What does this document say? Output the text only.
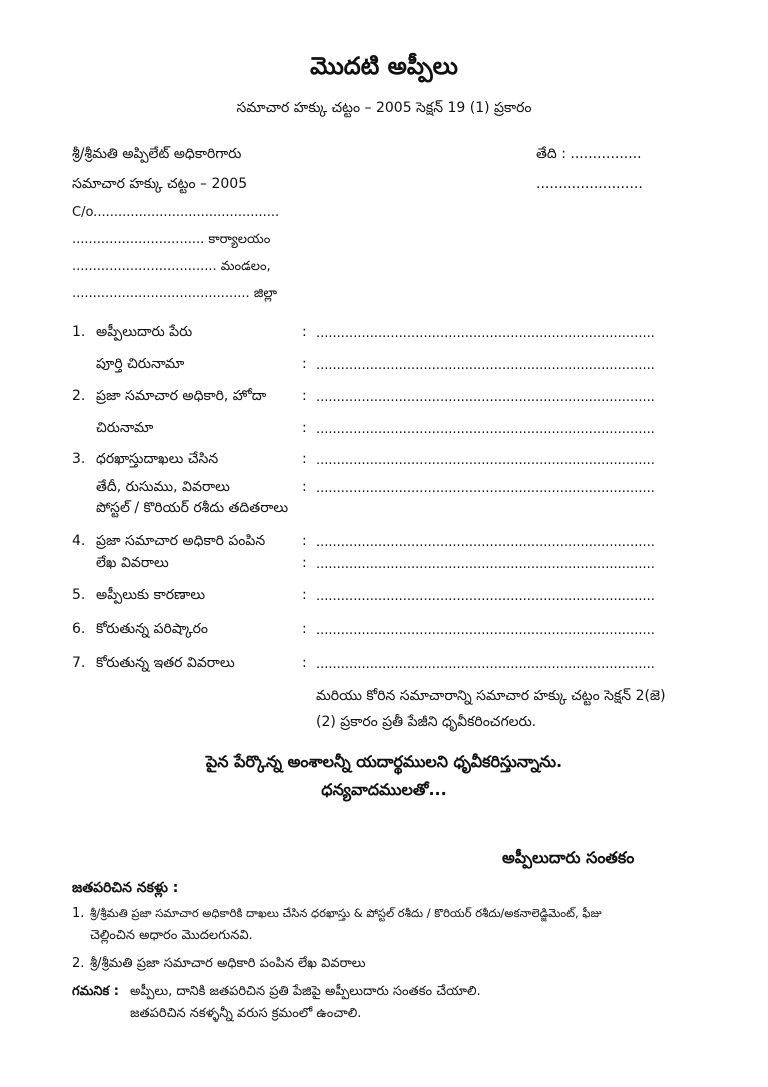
మొదటి అప్పీలు
సమాచార హక్కు చట్టం – 2005 సెక్షన్ 19 (1) ప్రకారం
శ్రీ/శ్రీమతి అప్పిలేట్ అధికారిగారు	తేది : ................
సమాచార హక్కు చట్టం – 2005	........................
C/o.............................................
................................ కార్యాలయం
................................... మండలం,
........................................... జిల్లా
1. అప్పీలుదారు పేరు	: ..................................................................................
పూర్తి చిరునామా	: ..................................................................................
2. ప్రజా సమాచార అధికారి, హోదా	: ..................................................................................
చిరునామా	: ..................................................................................
3. ధరఖాస్తుదాఖలు చేసిన	: ..................................................................................
తేదీ, రుసుము, వివరాలు	: ..................................................................................
పోస్టల్ / కొరియర్ రశీదు తదితరాలు
4. ప్రజా సమాచార అధికారి పంపిన	: ..................................................................................
లేఖ వివరాలు	: ..................................................................................
5. అప్పీలుకు కారణాలు	: ..................................................................................
6. కోరుతున్న పరిష్కారం	: ..................................................................................
7. కోరుతున్న ఇతర వివరాలు	: ..................................................................................
మరియు కోరిన సమాచారాన్ని సమాచార హక్కు చట్టం సెక్షన్ 2(జె)
(2) ప్రకారం ప్రతీ పేజీని ధృవీకరించగలరు.
పైన పేర్కొన్న అంశాలన్నీ యదార్థములని ధృవీకరిస్తున్నాను.
ధన్యవాదములతో...
అప్పీలుదారు సంతకం
జతపరిచిన నకళ్లు :
1. శ్రీ/శ్రీమతి ప్రజా సమాచార అధికారికి దాఖలు చేసిన ధరఖాస్తు & పోస్టల్ రశీదు / కొరియర్ రశీదు/అకనాలెడ్జిమెంట్, ఫీజు
చెల్లించిన అధారం మొదలగునవి.
2. శ్రీ/శ్రీమతి ప్రజా సమాచార అధికారి పంపిన లేఖ వివరాలు
గమనిక : అప్పీలు, దానికి జతపరిచిన ప్రతి పేజిపై అప్పీలుదారు సంతకం చేయాలి.
జతపరిచిన నకళ్ళన్నీ వరుస క్రమంలో ఉంచాలి.
